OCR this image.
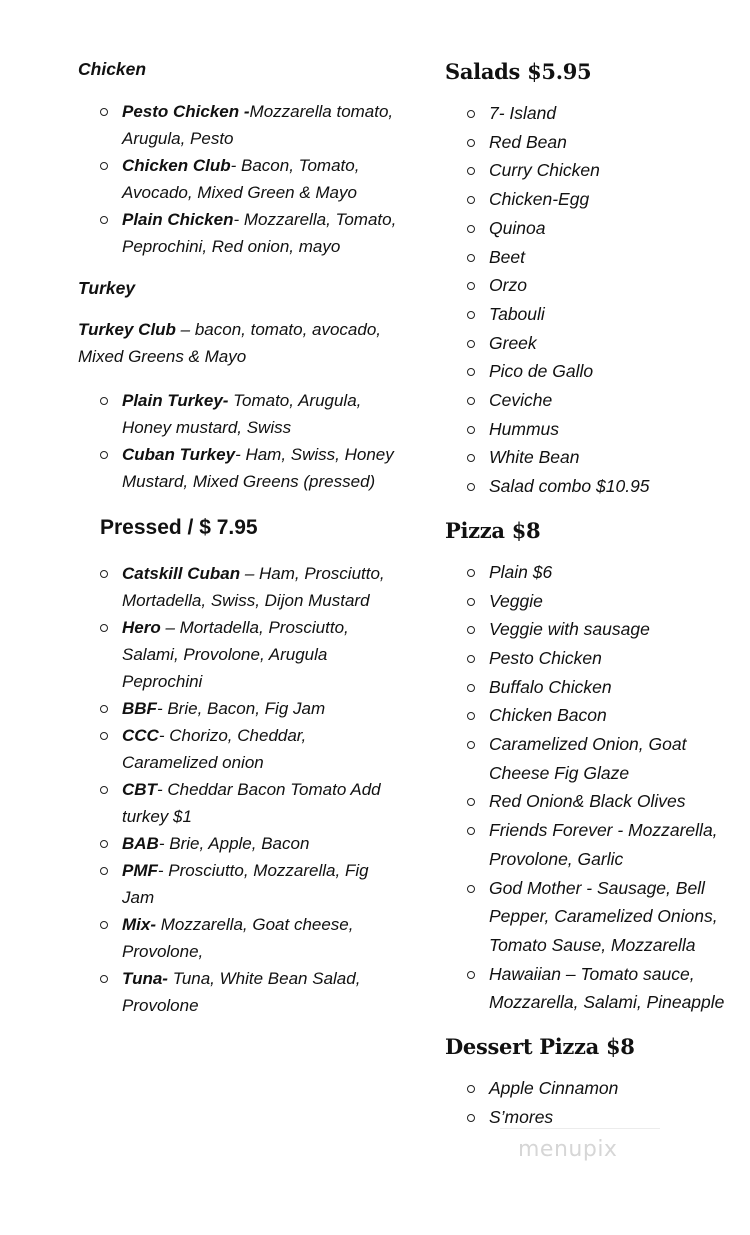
Chicken
Pesto Chicken -Mozzarella tomato, Arugula, Pesto
Chicken Club- Bacon, Tomato, Avocado, Mixed Green & Mayo
Plain Chicken- Mozzarella, Tomato, Peprochini, Red onion, mayo
Turkey

Turkey Club – bacon, tomato, avocado, Mixed Greens & Mayo

Plain Turkey- Tomato, Arugula, Honey mustard, Swiss
Cuban Turkey- Ham, Swiss, Honey Mustard, Mixed Greens (pressed)
Pressed / $ 7.95
Catskill Cuban – Ham, Prosciutto, Mortadella, Swiss, Dijon Mustard
Hero – Mortadella, Prosciutto, Salami, Provolone, Arugula Peprochini
BBF- Brie, Bacon, Fig Jam
CCC- Chorizo, Cheddar, Caramelized onion
CBT- Cheddar Bacon Tomato Add turkey $1
BAB- Brie, Apple, Bacon
PMF- Prosciutto, Mozzarella, Fig Jam
Mix- Mozzarella, Goat cheese, Provolone,
Tuna- Tuna, White Bean Salad, Provolone
Salads $5.95
7- Island
Red Bean
Curry Chicken
Chicken-Egg
Quinoa
Beet
Orzo
Tabouli
Greek
Pico de Gallo
Ceviche
Hummus
White Bean
Salad combo $10.95
Pizza $8
Plain $6
Veggie
Veggie with sausage
Pesto Chicken
Buffalo Chicken
Chicken Bacon
Caramelized Onion, Goat Cheese Fig Glaze
Red Onion& Black Olives
Friends Forever - Mozzarella, Provolone, Garlic
God Mother - Sausage, Bell Pepper, Caramelized Onions, Tomato Sause, Mozzarella
Hawaiian – Tomato sauce, Mozzarella, Salami, Pineapple
Dessert Pizza $8
Apple Cinnamon
S’mores
menupix
